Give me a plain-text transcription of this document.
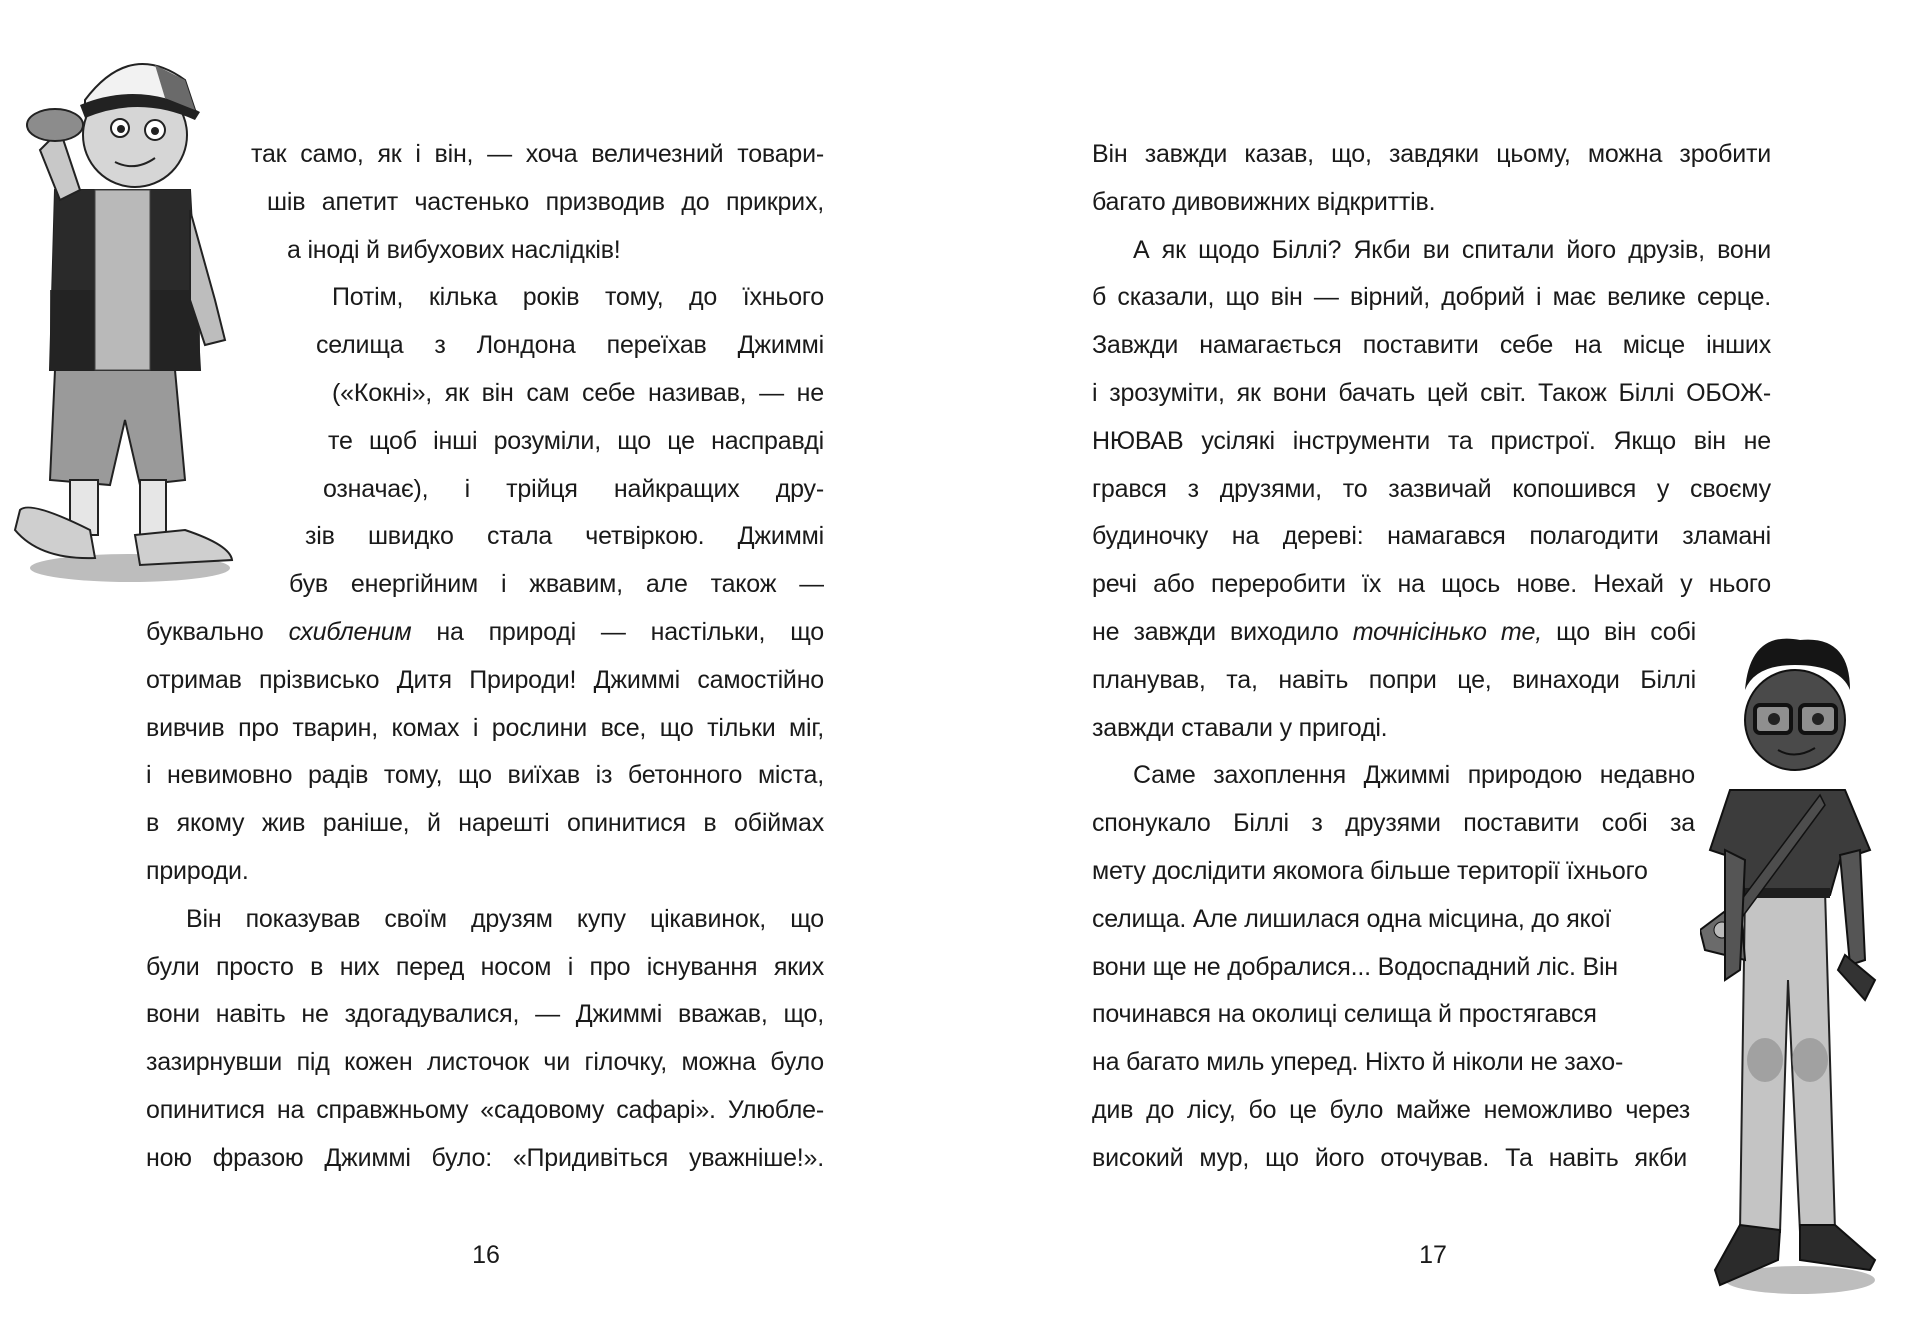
так само, як і він, — хоча величезний товари-
шів апетит частенько призводив до прикрих,
а іноді й вибухових наслідків!
Потім, кілька років тому, до їхнього
селища з Лондона переїхав Джиммі
(«Кокні», як він сам себе називав, — не
те щоб інші розуміли, що це насправді
означає), і трійця найкращих дру-
зів швидко стала четвіркою. Джиммі
був енергійним і жвавим, але також —
буквально схибленим на природі — настільки, що
отримав прізвисько Дитя Природи! Джиммі самостійно
вивчив про тварин, комах і рослини все, що тільки міг,
і невимовно радів тому, що виїхав із бетонного міста,
в якому жив раніше, й нарешті опинитися в обіймах
природи.
Він показував своїм друзям купу цікавинок, що
були просто в них перед носом і про існування яких
вони навіть не здогадувалися, — Джиммі вважав, що,
зазирнувши під кожен листочок чи гілочку, можна було
опинитися на справжньому «садовому сафарі». Улюбле-
ною фразою Джиммі було: «Придивіться уважніше!».
16
Він завжди казав, що, завдяки цьому, можна зробити
багато дивовижних відкриттів.
А як щодо Біллі? Якби ви спитали його друзів, вони
б сказали, що він — вірний, добрий і має велике серце.
Завжди намагається поставити себе на місце інших
і зрозуміти, як вони бачать цей світ. Також Біллі ОБОЖ-
НЮВАВ усілякі інструменти та пристрої. Якщо він не
грався з друзями, то зазвичай копошився у своєму
будиночку на дереві: намагався полагодити зламані
речі або переробити їх на щось нове. Нехай у нього
не завжди виходило точнісінько те, що він собі
планував, та, навіть попри це, винаходи Біллі
завжди ставали у пригоді.
Саме захоплення Джиммі природою недавно
спонукало Біллі з друзями поставити собі за
мету дослідити якомога більше території їхнього
селища. Але лишилася одна місцина, до якої
вони ще не добралися... Водоспадний ліс. Він
починався на околиці селища й простягався
на багато миль уперед. Ніхто й ніколи не захо-
див до лісу, бо це було майже неможливо через
високий мур, що його оточував. Та навіть якби
17
